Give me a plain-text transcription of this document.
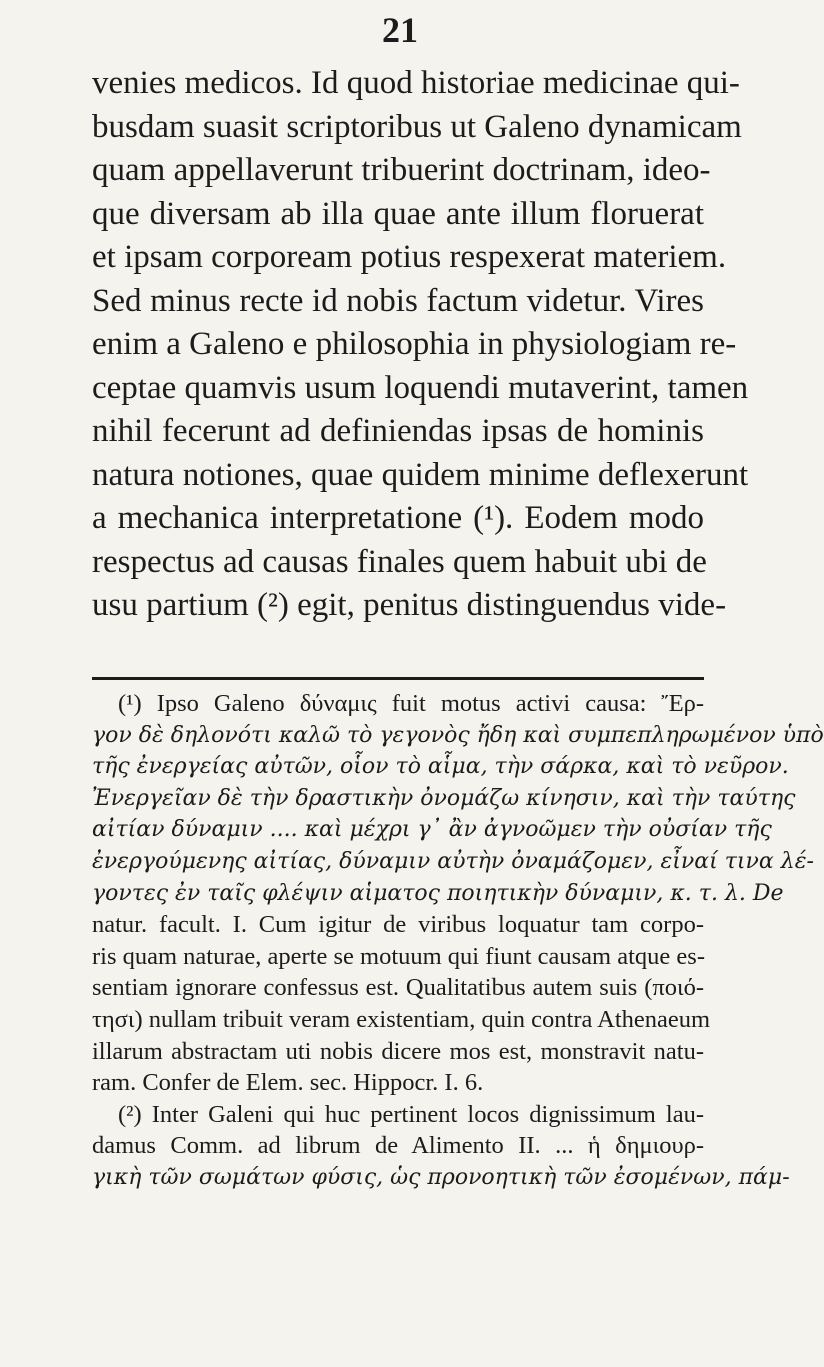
21
venies medicos. Id quod historiae medicinae qui-
busdam suasit scriptoribus ut Galeno dynamicam
quam appellaverunt tribuerint doctrinam, ideo-
que diversam ab illa quae ante illum floruerat
et ipsam corpoream potius respexerat materiem.
Sed minus recte id nobis factum videtur. Vires
enim a Galeno e philosophia in physiologiam re-
ceptae quamvis usum loquendi mutaverint, tamen
nihil fecerunt ad definiendas ipsas de hominis
natura notiones, quae quidem minime deflexerunt
a mechanica interpretatione (¹). Eodem modo
respectus ad causas finales quem habuit ubi de
usu partium (²) egit, penitus distinguendus vide-
(¹) Ipso Galeno δύναμις fuit motus activi causa: Ἔρ-
γον δὲ δηλονότι καλῶ τὸ γεγονὸς ἤδη καὶ συμπεπληρωμένον ὑπὸ
τῆς ἐνεργείας αὐτῶν, οἷον τὸ αἷμα, τὴν σάρκα, καὶ τὸ νεῦρον.
Ἐνεργεῖαν δὲ τὴν δραστικὴν ὀνομάζω κίνησιν, καὶ τὴν ταύτης
αἰτίαν δύναμιν .... καὶ μέχρι γ᾽ ἂν ἀγνοῶμεν τὴν οὐσίαν τῆς
ἐνεργούμενης αἰτίας, δύναμιν αὐτὴν ὀναμάζομεν, εἶναί τινα λέ-
γοντες ἐν ταῖς φλέψιν αἱματος ποιητικὴν δύναμιν, κ. τ. λ. De
natur. facult. I. Cum igitur de viribus loquatur tam corpo-
ris quam naturae, aperte se motuum qui fiunt causam atque es-
sentiam ignorare confessus est. Qualitatibus autem suis (ποιό-
τησι) nullam tribuit veram existentiam, quin contra Athenaeum
illarum abstractam uti nobis dicere mos est, monstravit natu-
ram. Confer de Elem. sec. Hippocr. I. 6.
(²) Inter Galeni qui huc pertinent locos dignissimum lau-
damus Comm. ad librum de Alimento II. ... ἡ δημιουρ-
γικὴ τῶν σωμάτων φύσις, ὡς προνοητικὴ τῶν ἐσομένων, πάμ-
